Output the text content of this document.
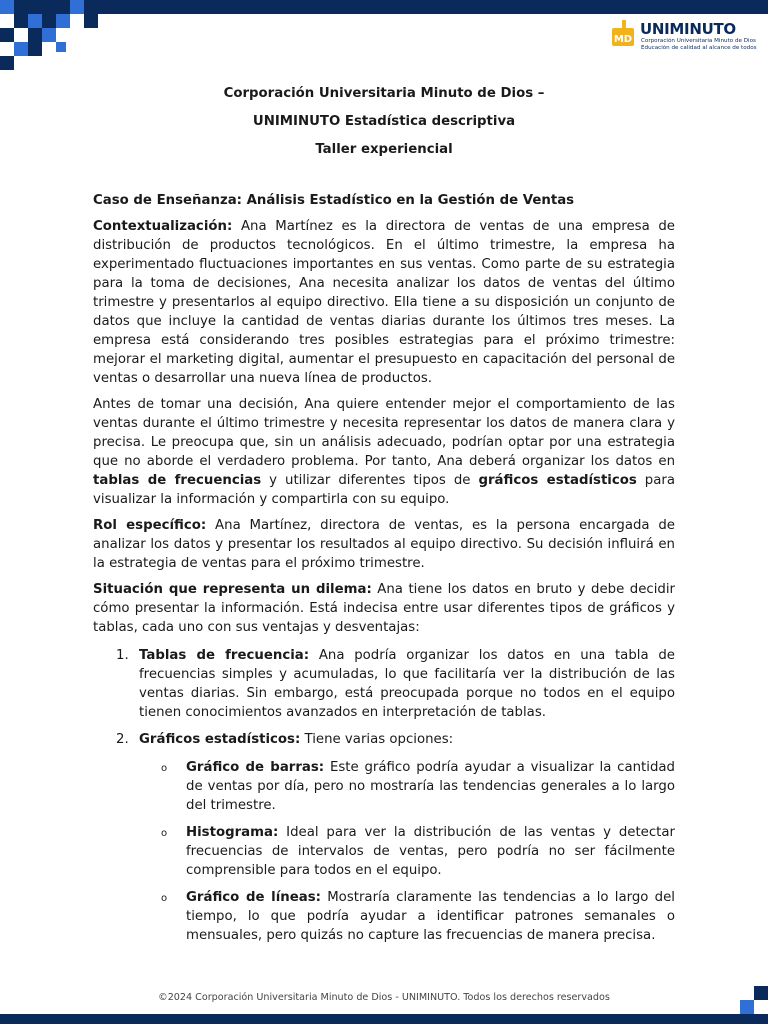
MD
UNIMINUTO
Corporación Universitaria Minuto de Dios
Educación de calidad al alcance de todos
Corporación Universitaria Minuto de Dios –
UNIMINUTO Estadística descriptiva
Taller experiencial
Caso de Enseñanza: Análisis Estadístico en la Gestión de Ventas

Contextualización: Ana Martínez es la directora de ventas de una empresa de distribución de productos tecnológicos. En el último trimestre, la empresa ha experimentado fluctuaciones importantes en sus ventas. Como parte de su estrategia para la toma de decisiones, Ana necesita analizar los datos de ventas del último trimestre y presentarlos al equipo directivo. Ella tiene a su disposición un conjunto de datos que incluye la cantidad de ventas diarias durante los últimos tres meses. La empresa está considerando tres posibles estrategias para el próximo trimestre: mejorar el marketing digital, aumentar el presupuesto en capacitación del personal de ventas o desarrollar una nueva línea de productos.

Antes de tomar una decisión, Ana quiere entender mejor el comportamiento de las ventas durante el último trimestre y necesita representar los datos de manera clara y precisa. Le preocupa que, sin un análisis adecuado, podrían optar por una estrategia que no aborde el verdadero problema. Por tanto, Ana deberá organizar los datos en tablas de frecuencias y utilizar diferentes tipos de gráficos estadísticos para visualizar la información y compartirla con su equipo.

Rol específico: Ana Martínez, directora de ventas, es la persona encargada de analizar los datos y presentar los resultados al equipo directivo. Su decisión influirá en la estrategia de ventas para el próximo trimestre.

Situación que representa un dilema: Ana tiene los datos en bruto y debe decidir cómo presentar la información. Está indecisa entre usar diferentes tipos de gráficos y tablas, cada uno con sus ventajas y desventajas:

1. Tablas de frecuencia: Ana podría organizar los datos en una tabla de frecuencias simples y acumuladas, lo que facilitaría ver la distribución de las ventas diarias. Sin embargo, está preocupada porque no todos en el equipo tienen conocimientos avanzados en interpretación de tablas.
2. Gráficos estadísticos: Tiene varias opciones:
o Gráfico de barras: Este gráfico podría ayudar a visualizar la cantidad de ventas por día, pero no mostraría las tendencias generales a lo largo del trimestre.
o Histograma: Ideal para ver la distribución de las ventas y detectar frecuencias de intervalos de ventas, pero podría no ser fácilmente comprensible para todos en el equipo.
o Gráfico de líneas: Mostraría claramente las tendencias a lo largo del tiempo, lo que podría ayudar a identificar patrones semanales o mensuales, pero quizás no capture las frecuencias de manera precisa.
©2024 Corporación Universitaria Minuto de Dios - UNIMINUTO. Todos los derechos reservados
